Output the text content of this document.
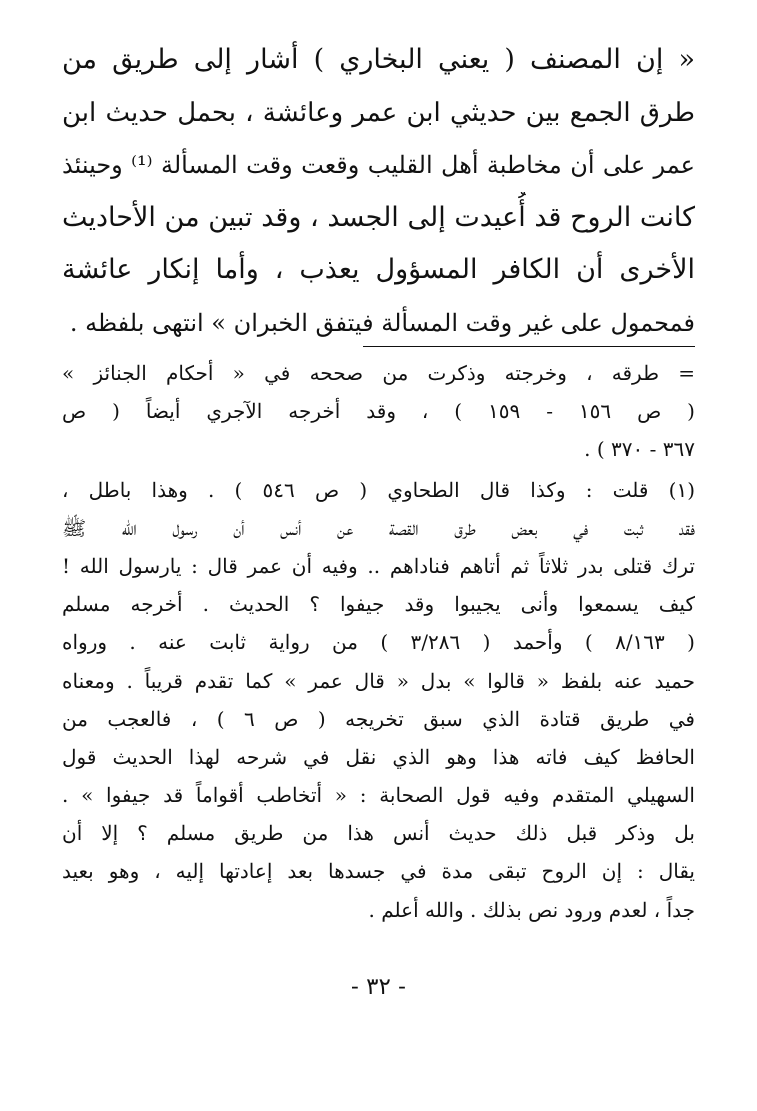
« إن المصنف ( يعني البخاري ) أشار إلى طريق من
طرق الجمع بين حديثي ابن عمر وعائشة ، بحمل حديث ابن
عمر على أن مخاطبة أهل القليب وقعت وقت المسألة ⁽¹⁾ وحينئذ
كانت الروح قد أُعيدت إلى الجسد ، وقد تبين من الأحاديث
الأخرى أن الكافر المسؤول يعذب ، وأما إنكار عائشة
فمحمول على غير وقت المسألة فيتفق الخبران » انتهى بلفظه .
= طرقه ، وخرجته وذكرت من صححه في « أحكام الجنائز »
( ص ١٥٦ - ١٥٩ ) ، وقد أخرجه الآجري أيضاً ( ص
٣٦٧ - ٣٧٠ ) .
(١) قلت : وكذا قال الطحاوي ( ص ٥٤٦ ) . وهذا باطل ،
فقد ثبت في بعض طرق القصة عن أنس أن رسول الله ﷺ
ترك قتلى بدر ثلاثاً ثم أتاهم فناداهم .. وفيه أن عمر قال : يارسول الله !
كيف يسمعوا وأنى يجيبوا وقد جيفوا ؟ الحديث . أخرجه مسلم
( ٨/١٦٣ ) وأحمد ( ٣/٢٨٦ ) من رواية ثابت عنه . ورواه
حميد عنه بلفظ « قالوا » بدل « قال عمر » كما تقدم قريباً . ومعناه
في طريق قتادة الذي سبق تخريجه ( ص ٦ ) ، فالعجب من
الحافظ كيف فاته هذا وهو الذي نقل في شرحه لهذا الحديث قول
السهيلي المتقدم وفيه قول الصحابة : « أتخاطب أقواماً قد جيفوا » .
بل وذكر قبل ذلك حديث أنس هذا من طريق مسلم ؟ إلا أن
يقال : إن الروح تبقى مدة في جسدها بعد إعادتها إليه ، وهو بعيد
جداً ، لعدم ورود نص بذلك . والله أعلم .
- ٣٢ -
